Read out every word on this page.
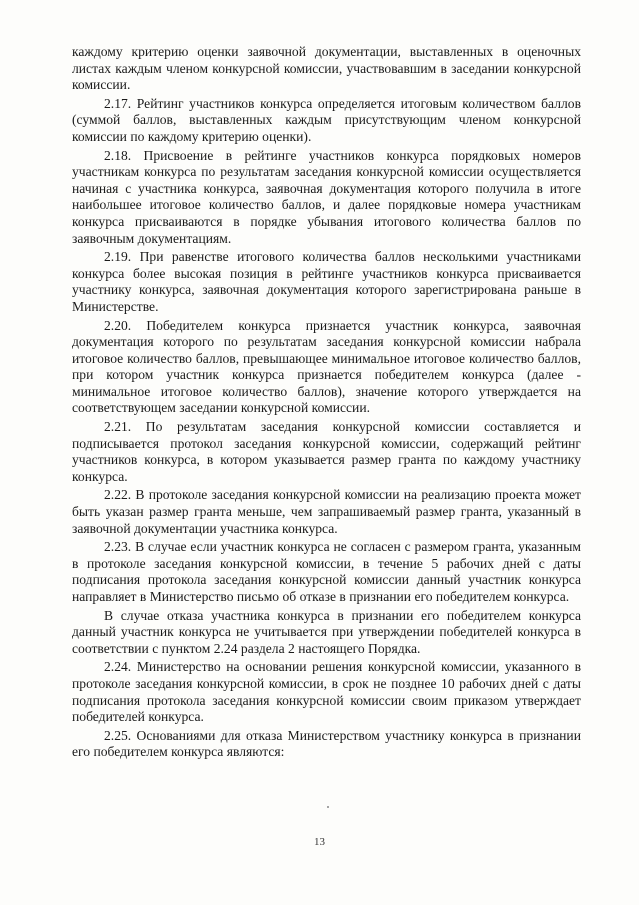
каждому критерию оценки заявочной документации, выставленных в оценочных листах каждым членом конкурсной комиссии, участвовавшим в заседании конкурсной комиссии.

2.17. Рейтинг участников конкурса определяется итоговым количеством баллов (суммой баллов, выставленных каждым присутствующим членом конкурсной комиссии по каждому критерию оценки).

2.18. Присвоение в рейтинге участников конкурса порядковых номеров участникам конкурса по результатам заседания конкурсной комиссии осуществляется начиная с участника конкурса, заявочная документация которого получила в итоге наибольшее итоговое количество баллов, и далее порядковые номера участникам конкурса присваиваются в порядке убывания итогового количества баллов по заявочным документациям.

2.19. При равенстве итогового количества баллов несколькими участниками конкурса более высокая позиция в рейтинге участников конкурса присваивается участнику конкурса, заявочная документация которого зарегистрирована раньше в Министерстве.

2.20. Победителем конкурса признается участник конкурса, заявочная документация которого по результатам заседания конкурсной комиссии набрала итоговое количество баллов, превышающее минимальное итоговое количество баллов, при котором участник конкурса признается победителем конкурса (далее - минимальное итоговое количество баллов), значение которого утверждается на соответствующем заседании конкурсной комиссии.

2.21. По результатам заседания конкурсной комиссии составляется и подписывается протокол заседания конкурсной комиссии, содержащий рейтинг участников конкурса, в котором указывается размер гранта по каждому участнику конкурса.

2.22. В протоколе заседания конкурсной комиссии на реализацию проекта может быть указан размер гранта меньше, чем запрашиваемый размер гранта, указанный в заявочной документации участника конкурса.

2.23. В случае если участник конкурса не согласен с размером гранта, указанным в протоколе заседания конкурсной комиссии, в течение 5 рабочих дней с даты подписания протокола заседания конкурсной комиссии данный участник конкурса направляет в Министерство письмо об отказе в признании его победителем конкурса.

В случае отказа участника конкурса в признании его победителем конкурса данный участник конкурса не учитывается при утверждении победителей конкурса в соответствии с пунктом 2.24 раздела 2 настоящего Порядка.

2.24. Министерство на основании решения конкурсной комиссии, указанного в протоколе заседания конкурсной комиссии, в срок не позднее 10 рабочих дней с даты подписания протокола заседания конкурсной комиссии своим приказом утверждает победителей конкурса.

2.25. Основаниями для отказа Министерством участнику конкурса в признании его победителем конкурса являются:

13
